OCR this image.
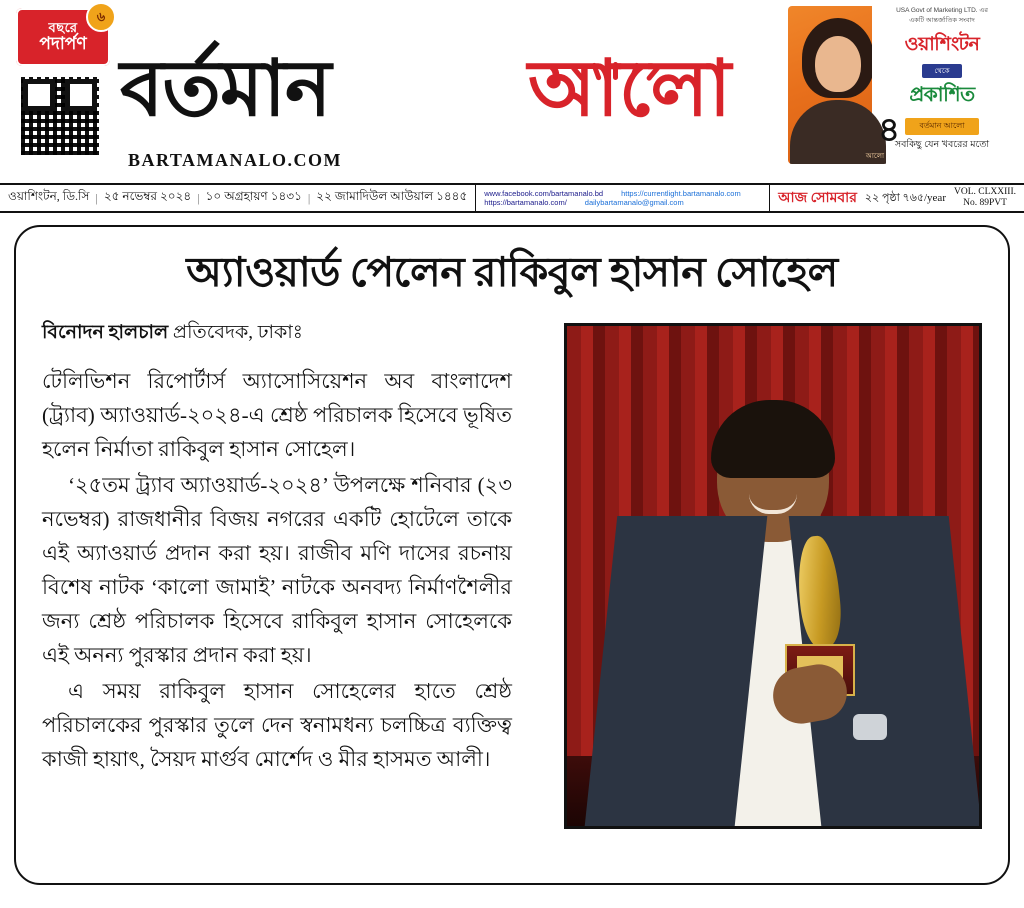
বছরে
পদার্পণ
৬
বর্তমান	আলো
BARTAMANALO.COM	আলো
৪
USA Govt of Marketing LTD. এর
একটি আন্তর্জাতিক সংবাদ
ওয়াশিংটন
থেকে
প্রকাশিত
বর্তমান আলো
সবকিছু যেন খবরের মতো
ওয়াশিংটন, ডি.সি | ২৫ নভেম্বর ২০২৪ | ১০ অগ্রহায়ণ ১৪৩১ | ২২ জামাদিউল আউয়াল ১৪৪৫ www.facebook.com/bartamanalo.bd https://currentlight.bartamanalo.com
https://bartamanalo.com/ dailybartamanalo@gmail.com	আজ সোমবার ২২ পৃষ্ঠা ৭৬৫/year VOL. CLXXIII.
No. 89PVT
অ্যাওয়ার্ড পেলেন রাকিবুল হাসান সোহেল
বিনোদন হালচাল প্রতিবেদক, ঢাকাঃ

টেলিভিশন রিপোর্টার্স অ্যাসোসিয়েশন অব বাংলাদেশ (ট্র্যাব) অ্যাওয়ার্ড-২০২৪-এ শ্রেষ্ঠ পরিচালক হিসেবে ভূষিত হলেন নির্মাতা রাকিবুল হাসান সোহেল।

‘২৫তম ট্র্যাব অ্যাওয়ার্ড-২০২৪’ উপলক্ষে শনিবার (২৩ নভেম্বর) রাজধানীর বিজয় নগরের একটি হোটেলে তাকে এই অ্যাওয়ার্ড প্রদান করা হয়। রাজীব মণি দাসের রচনায় বিশেষ নাটক ‘কালো জামাই’ নাটকে অনবদ্য নির্মাণশৈলীর জন্য শ্রেষ্ঠ পরিচালক হিসেবে রাকিবুল হাসান সোহেলকে এই অনন্য পুরস্কার প্রদান করা হয়।

এ সময় রাকিবুল হাসান সোহেলের হাতে শ্রেষ্ঠ পরিচালকের পুরস্কার তুলে দেন স্বনামধন্য চলচ্চিত্র ব্যক্তিত্ব কাজী হায়াৎ, সৈয়দ মার্গুব মোর্শেদ ও মীর হাসমত আলী।
